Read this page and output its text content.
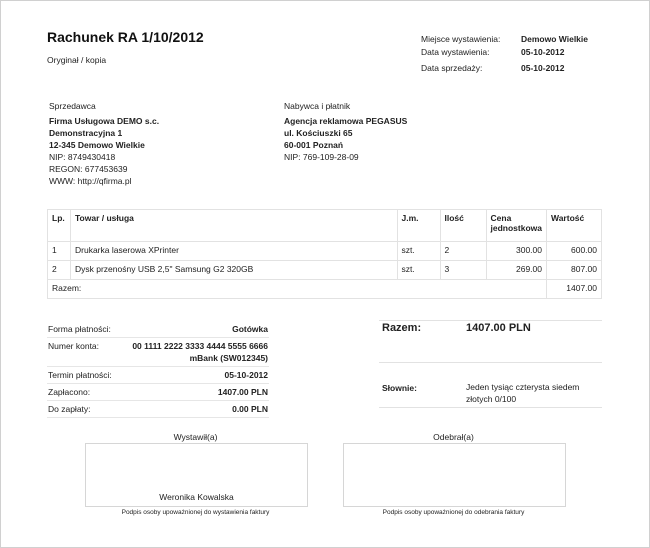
Rachunek RA 1/10/2012
Oryginał / kopia
Miejsce wystawienia: Demowo Wielkie
Data wystawienia:	05-10-2012
Data sprzedaży:	05-10-2012
Sprzedawca
Firma Usługowa DEMO s.c.
Demonstracyjna 1
12-345 Demowo Wielkie
NIP: 8749430418
REGON: 677453639
WWW: http://qfirma.pl
Nabywca i płatnik
Agencja reklamowa PEGASUS
ul. Kościuszki 65
60-001 Poznań
NIP: 769-109-28-09
Lp.	Towar / usługa	J.m.	Ilość	Cena
jednostkowa	Wartość
1	Drukarka laserowa XPrinter	szt.	2	300.00	600.00
2	Dysk przenośny USB 2,5" Samsung G2 320GB	szt.	3	269.00	807.00
Razem:					1407.00
Forma płatności:	Gotówka
Numer konta:	00 1111 2222 3333 4444 5555 6666
mBank (SW012345)

Termin płatności:	05-10-2012
Zapłacono:	1407.00 PLN
Do zapłaty:	0.00 PLN
Razem:	1407.00 PLN
Słownie:	Jeden tysiąc czterysta siedem złotych 0/100
Wystawił(a)
Weronika Kowalska
Podpis osoby upoważnionej do wystawienia faktury
Odebrał(a)
Podpis osoby upoważnionej do odebrania faktury
